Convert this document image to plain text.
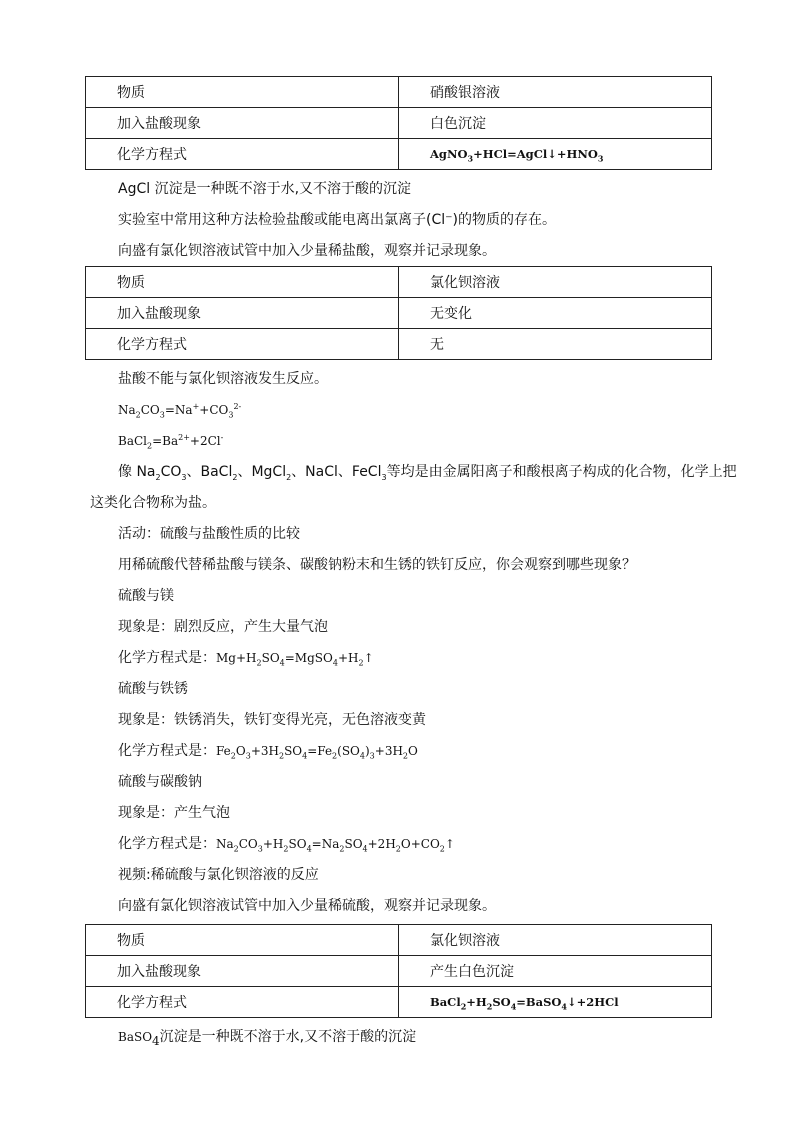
物质	硝酸银溶液
加入盐酸现象	白色沉淀
化学方程式	$AgNO_3+HCl=AgCl↓+HNO_3$
AgCl 沉淀是一种既不溶于水,又不溶于酸的沉淀
实验室中常用这种方法检验盐酸或能电离出氯离子(Cl⁻)的物质的存在。
向盛有氯化钡溶液试管中加入少量稀盐酸，观察并记录现象。
物质	氯化钡溶液
加入盐酸现象	无变化
化学方程式	无
盐酸不能与氯化钡溶液发生反应。
$Na_2CO_3=Na^++CO_3^{2-}$
$BaCl_2=Ba^{2+}+2Cl^-$
像 $Na_2CO_3$、BaCl$_2$、MgCl$_2$、NaCl、FeCl$_3$等均是由金属阳离子和酸根离子构成的化合物，化学上把
这类化合物称为盐。
活动：硫酸与盐酸性质的比较
用稀硫酸代替稀盐酸与镁条、碳酸钠粉末和生锈的铁钉反应，你会观察到哪些现象？
硫酸与镁
现象是：剧烈反应，产生大量气泡
化学方程式是：$Mg+H_2SO_4=MgSO_4+H_2↑$
硫酸与铁锈
现象是：铁锈消失，铁钉变得光亮，无色溶液变黄
化学方程式是：$Fe_2O_3+3H_2SO_4=Fe_2(SO_4)_3+3H_2O$
硫酸与碳酸钠
现象是：产生气泡
化学方程式是：$Na_2CO_3+H_2SO_4=Na_2SO_4+2H_2O+CO_2↑$
视频:稀硫酸与氯化钡溶液的反应
向盛有氯化钡溶液试管中加入少量稀硫酸，观察并记录现象。
物质	氯化钡溶液
加入盐酸现象	产生白色沉淀
化学方程式	$BaCl_2+H_2SO_4=BaSO_4↓+2HCl$
BaSO$_4$沉淀是一种既不溶于水,又不溶于酸的沉淀
